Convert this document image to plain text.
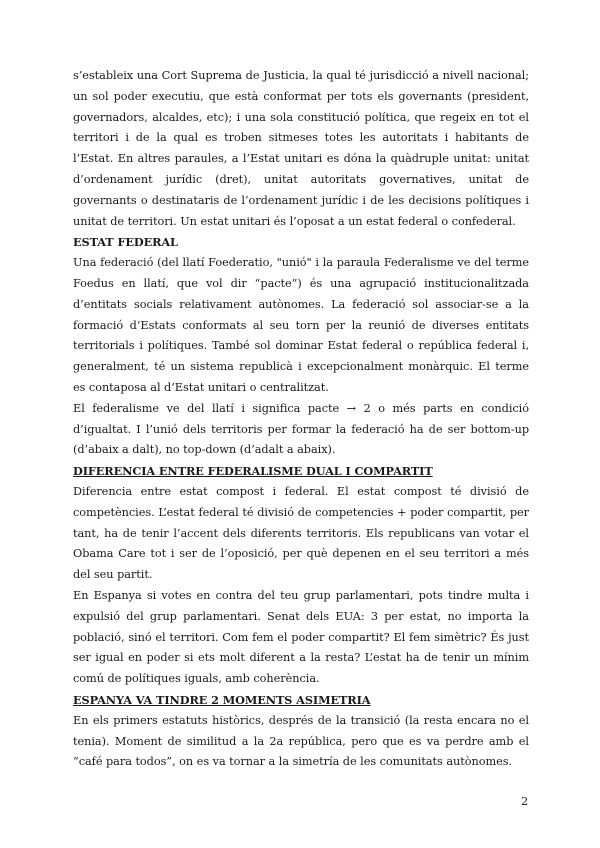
s’estableix una Cort Suprema de Justicia, la qual té jurisdicció a nivell nacional; un sol poder executiu, que està conformat per tots els governants (president, governadors, alcaldes, etc); i una sola constitució política, que regeix en tot el territori i de la qual es troben sitmeses totes les autoritats i habitants de l’Estat. En altres paraules, a l’Estat unitari es dóna la quàdruple unitat: unitat d’ordenament jurídic (dret), unitat autoritats governatives, unitat de governants o destinataris de l’ordenament jurídic i de les decisions polítiques i unitat de territori. Un estat unitari és l’oposat a un estat federal o confederal.

ESTAT FEDERAL

Una federació (del llatí Foederatio, "unió" i la paraula Federalisme ve del terme Foedus en llatí, que vol dir “pacte”) és una agrupació institucionalitzada d’entitats socials relativament autònomes. La federació sol associar-se a la formació d’Estats conformats al seu torn per la reunió de diverses entitats territorials i polítiques. També sol dominar Estat federal o república federal i, generalment, té un sistema republicà i excepcionalment monàrquic. El terme es contaposa al d’Estat unitari o centralitzat.

El federalisme ve del llatí i significa pacte → 2 o més parts en condició d’igualtat. I l’unió dels territoris per formar la federació ha de ser bottom-up (d’abaix a dalt), no top-down (d’adalt a abaix).

DIFERENCIA ENTRE FEDERALISME DUAL I COMPARTIT

Diferencia entre estat compost i federal. El estat compost té divisió de competències. L’estat federal té divisió de competencies + poder compartit, per tant, ha de tenir l’accent dels diferents territoris. Els republicans van votar el Obama Care tot i ser de l’oposició, per què depenen en el seu territori a més del seu partit.

En Espanya si votes en contra del teu grup parlamentari, pots tindre multa i expulsió del grup parlamentari. Senat dels EUA: 3 per estat, no importa la població, sinó el territori. Com fem el poder compartit? El fem simètric? És just ser igual en poder si ets molt diferent a la resta? L’estat ha de tenir un mínim comú de polítiques iguals, amb coherència.

ESPANYA VA TINDRE 2 MOMENTS ASIMETRIA

En els primers estatuts històrics, després de la transició (la resta encara no el tenia). Moment de similitud a la 2a república, pero que es va perdre amb el “café para todos”, on es va tornar a la simetría de les comunitats autònomes.

2
